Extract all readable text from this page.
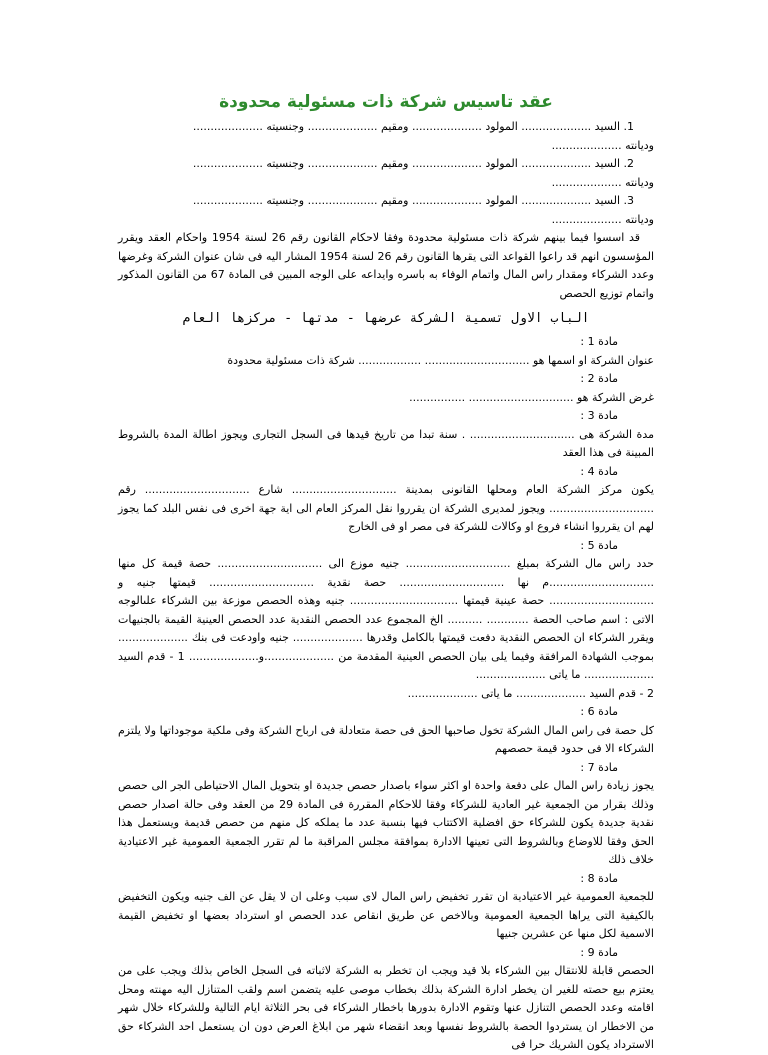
عقد تاسيس شركة ذات مسئولية محدودة

1. السيد .................... المولود .................... ومقيم .................... وجنسيته ....................

وديانته ....................

2. السيد .................... المولود .................... ومقيم .................... وجنسيته ....................

وديانته ....................

3. السيد .................... المولود .................... ومقيم .................... وجنسيته ....................

وديانته ....................

قد اسسوا فيما بينهم شركة ذات مسئولية محدودة وفقا لاحكام القانون رقم 26 لسنة 1954 واحكام العقد ويقرر المؤسسون انهم قد راعوا القواعد التى يقرها القانون رقم 26 لسنة 1954 المشار اليه فى شان عنوان الشركة وغرضها وعدد الشركاء ومقدار راس المال واتمام الوفاء به باسره وايداعه على الوجه المبين فى المادة 67 من القانون المذكور واتمام توزيع الحصص

الباب الاول تسمية الشركة عرضها - مدتها - مركزها العام

مادة 1 :

عنوان الشركة او اسمها هو .............................. .................. شركة ذات مسئولية محدودة

مادة 2 :

غرض الشركة هو .............................. ................

مادة 3 :

مدة الشركة هى .............................. . سنة تبدا من تاريخ قيدها فى السجل التجارى ويجوز اطالة المدة بالشروط المبينة فى هذا العقد

مادة 4 :

يكون مركز الشركة العام ومحلها القانونى بمدينة .............................. شارع .............................. رقم .............................. ويجوز لمديرى الشركة ان يقرروا نقل المركز العام الى اية جهة اخرى فى نفس البلد كما يجوز لهم ان يقرروا انشاء فروع او وكالات للشركة فى مصر او فى الخارج

مادة 5 :

حدد راس مال الشركة بمبلغ .............................. جنيه موزع الى .............................. حصة قيمة كل منها ..............................م نها .............................. حصة نقدية .............................. قيمتها جنيه و .............................. حصة عينية قيمتها ............................... جنيه وهذه الحصص موزعة بين الشركاء علىالوجه الاتى : اسم صاحب الحصة ............ .......... الخ المجموع عدد الحصص النقدية عدد الحصص العينية القيمة بالجنيهات ويقرر الشركاء ان الحصص النقدية دفعت قيمتها بالكامل وقدرها .................... جنيه واودعت فى بنك .................... بموجب الشهادة المرافقة وفيما يلى بيان الحصص العينية المقدمة من ....................و.................... 1 - قدم السيد .................... ما ياتى ....................

2 - قدم السيد .................... ما ياتى ....................

مادة 6 :

كل حصة فى راس المال الشركة تخول صاحبها الحق فى حصة متعادلة فى ارباح الشركة وفى ملكية موجوداتها ولا يلتزم الشركاء الا فى حدود قيمة حصصهم

مادة 7 :

يجوز زيادة راس المال على دفعة واحدة او اكثر سواء باصدار حصص جديدة او بتحويل المال الاحتياطى الجر الى حصص وذلك بقرار من الجمعية غير العادية للشركاء وفقا للاحكام المقررة فى المادة 29 من العقد وفى حالة اصدار حصص نقدية جديدة يكون للشركاء حق افضلية الاكتتاب فيها بنسبة عدد ما يملكه كل منهم من حصص قديمة ويستعمل هذا الحق وفقا للاوضاع وبالشروط التى تعينها الادارة بموافقة مجلس المراقبة ما لم تقرر الجمعية العمومية غير الاعتيادية خلاف ذلك

مادة 8 :

للجمعية العمومية غير الاعتيادية ان تقرر تخفيض راس المال لاى سبب وعلى ان لا يقل عن الف جنيه ويكون التخفيض بالكيفية التى يراها الجمعية العمومية وبالاخص عن طريق انقاص عدد الحصص او استرداد بعضها او تخفيض القيمة الاسمية لكل منها عن عشرين جنيها

مادة 9 :

الحصص قابلة للانتقال بين الشركاء بلا قيد ويجب ان تخطر به الشركة لاثباته فى السجل الخاص بذلك ويجب على من يعتزم بيع حصته للغير ان يخطر ادارة الشركة بذلك بخطاب موصى عليه يتضمن اسم ولقب المتنازل اليه مهنته ومحل اقامته وعدد الحصص التنازل عنها وتقوم الادارة بدورها باخطار الشركاء فى بحر الثلاثة ايام التالية وللشركاء خلال شهر من الاخطار ان يستردوا الحصة بالشروط نفسها وبعد انقضاء شهر من ابلاغ العرض دون ان يستعمل احد الشركاء حق الاسترداد يكون الشريك حرا فى
